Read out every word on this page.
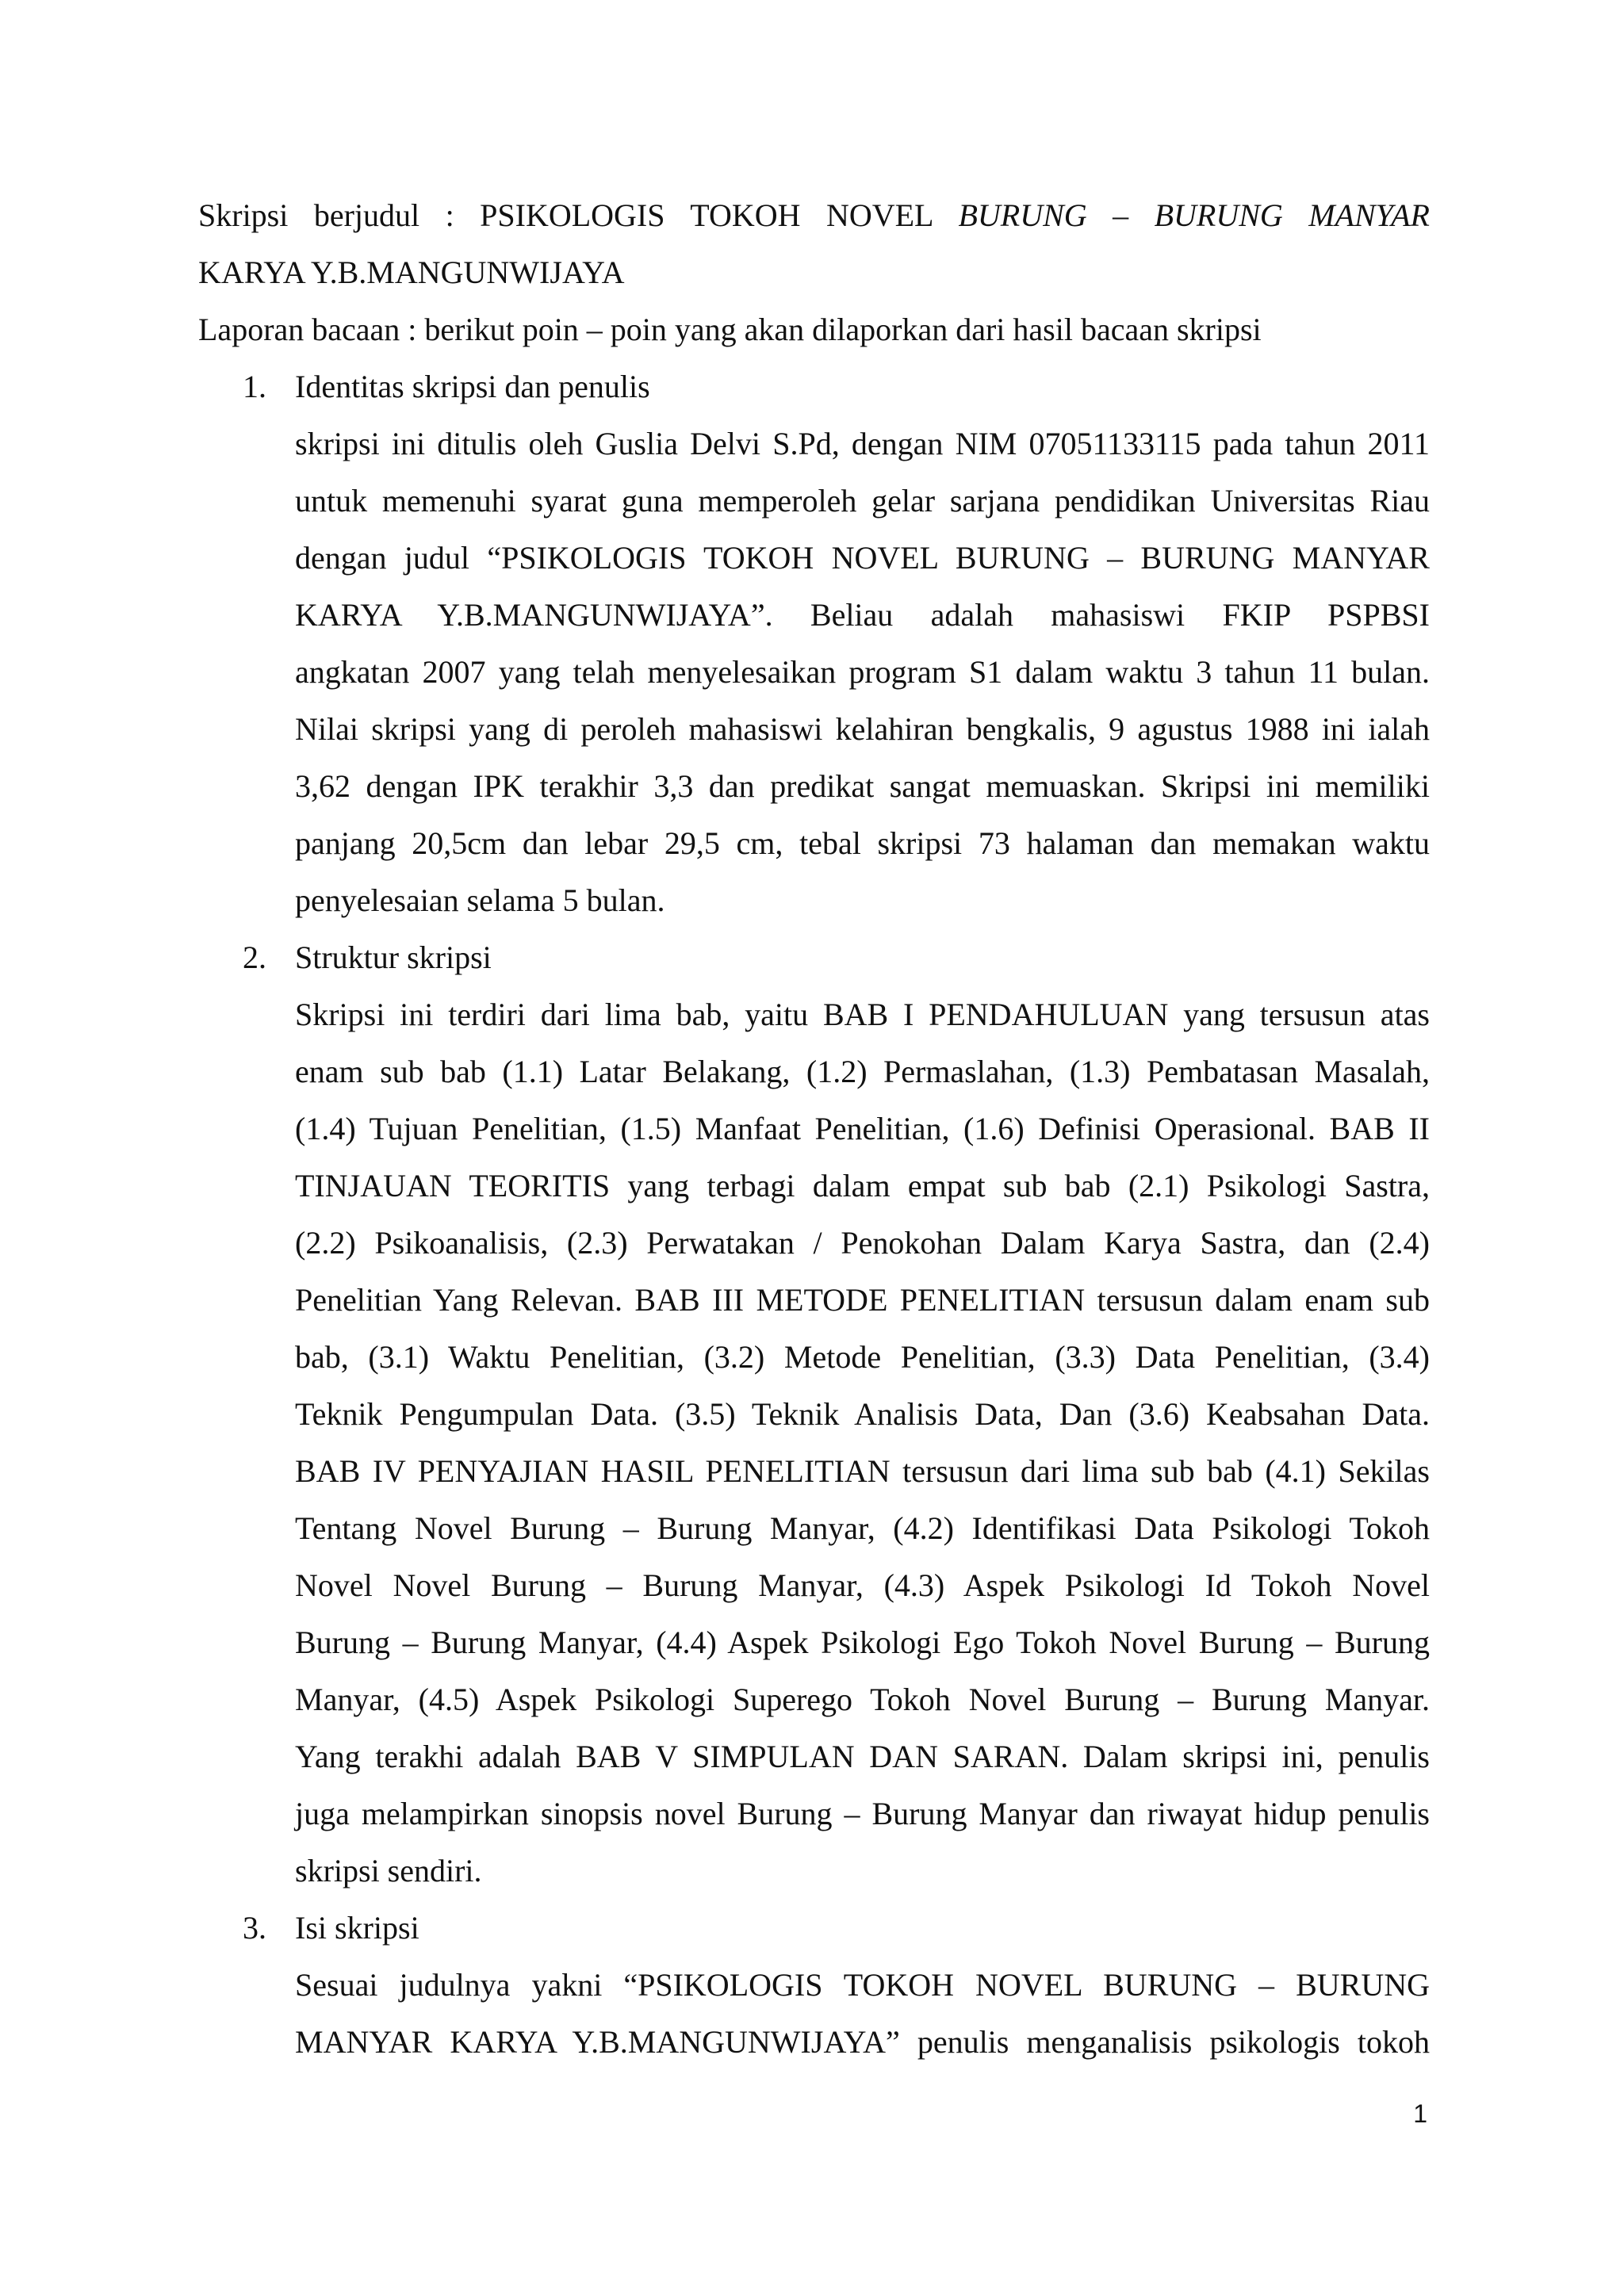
Skripsi berjudul : PSIKOLOGIS TOKOH NOVEL BURUNG – BURUNG MANYAR

KARYA Y.B.MANGUNWIJAYA

Laporan bacaan : berikut poin – poin yang akan dilaporkan dari hasil bacaan skripsi

1. Identitas skripsi dan penulis

skripsi ini ditulis oleh Guslia Delvi S.Pd, dengan NIM 07051133115 pada tahun 2011

untuk memenuhi syarat guna memperoleh gelar sarjana pendidikan Universitas Riau

dengan judul “PSIKOLOGIS TOKOH NOVEL BURUNG – BURUNG MANYAR

KARYA Y.B.MANGUNWIJAYA”. Beliau adalah mahasiswi FKIP PSPBSI

angkatan 2007 yang telah menyelesaikan program S1 dalam waktu 3 tahun 11 bulan.

Nilai skripsi yang di peroleh mahasiswi kelahiran bengkalis, 9 agustus 1988 ini ialah

3,62 dengan IPK terakhir 3,3 dan predikat sangat memuaskan. Skripsi ini memiliki

panjang 20,5cm dan lebar 29,5 cm, tebal skripsi 73 halaman dan memakan waktu

penyelesaian selama 5 bulan.

2. Struktur skripsi

Skripsi ini terdiri dari lima bab, yaitu BAB I PENDAHULUAN yang tersusun atas

enam sub bab (1.1) Latar Belakang, (1.2) Permaslahan, (1.3) Pembatasan Masalah,

(1.4) Tujuan Penelitian, (1.5) Manfaat Penelitian, (1.6) Definisi Operasional. BAB II

TINJAUAN TEORITIS yang terbagi dalam empat sub bab (2.1) Psikologi Sastra,

(2.2) Psikoanalisis, (2.3) Perwatakan / Penokohan Dalam Karya Sastra, dan (2.4)

Penelitian Yang Relevan. BAB III METODE PENELITIAN tersusun dalam enam sub

bab, (3.1) Waktu Penelitian, (3.2) Metode Penelitian, (3.3) Data Penelitian, (3.4)

Teknik Pengumpulan Data. (3.5) Teknik Analisis Data, Dan (3.6) Keabsahan Data.

BAB IV PENYAJIAN HASIL PENELITIAN tersusun dari lima sub bab (4.1) Sekilas

Tentang Novel Burung – Burung Manyar, (4.2) Identifikasi Data Psikologi Tokoh

Novel Novel Burung – Burung Manyar, (4.3) Aspek Psikologi Id Tokoh Novel

Burung – Burung Manyar, (4.4) Aspek Psikologi Ego Tokoh Novel Burung – Burung

Manyar, (4.5) Aspek Psikologi Superego Tokoh Novel Burung – Burung Manyar.

Yang terakhi adalah BAB V SIMPULAN DAN SARAN. Dalam skripsi ini, penulis

juga melampirkan sinopsis novel Burung – Burung Manyar dan riwayat hidup penulis

skripsi sendiri.

3. Isi skripsi

Sesuai judulnya yakni “PSIKOLOGIS TOKOH NOVEL BURUNG – BURUNG

MANYAR KARYA Y.B.MANGUNWIJAYA” penulis menganalisis psikologis tokoh

1
